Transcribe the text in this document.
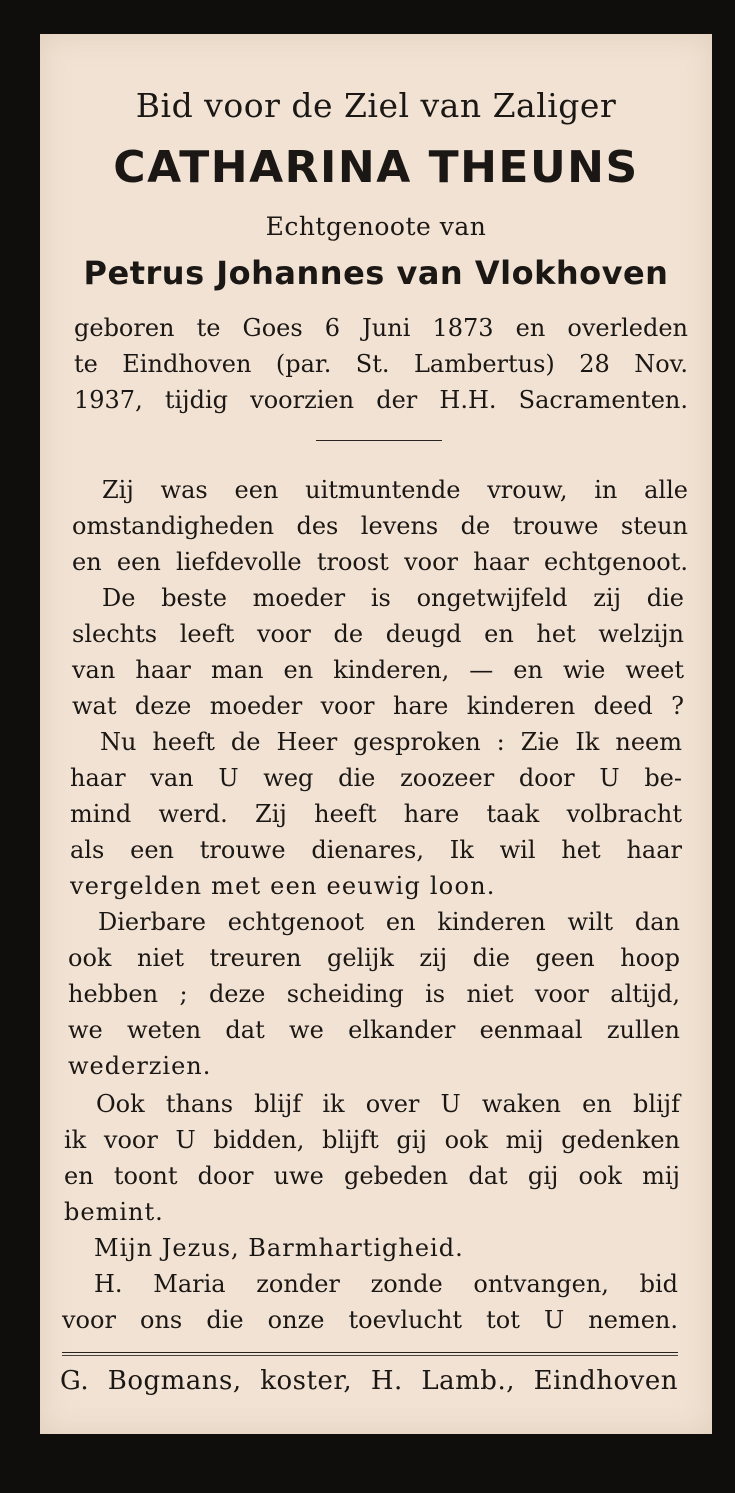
Bid voor de Ziel van Zaliger
CATHARINA THEUNS
Echtgenoote van
Petrus Johannes van Vlokhoven
geboren te Goes 6 Juni 1873 en overleden
te Eindhoven (par. St. Lambertus) 28 Nov.
1937, tijdig voorzien der H.H. Sacramenten.
Zij was een uitmuntende vrouw, in alle
omstandigheden des levens de trouwe steun
en een liefdevolle troost voor haar echtgenoot.
De beste moeder is ongetwijfeld zij die
slechts leeft voor de deugd en het welzijn
van haar man en kinderen, — en wie weet
wat deze moeder voor hare kinderen deed ?
Nu heeft de Heer gesproken : Zie Ik neem
haar van U weg die zoozeer door U be-
mind werd. Zij heeft hare taak volbracht
als een trouwe dienares, Ik wil het haar
vergelden met een eeuwig loon.
Dierbare echtgenoot en kinderen wilt dan
ook niet treuren gelijk zij die geen hoop
hebben ; deze scheiding is niet voor altijd,
we weten dat we elkander eenmaal zullen
wederzien.
Ook thans blijf ik over U waken en blijf
ik voor U bidden, blijft gij ook mij gedenken
en toont door uwe gebeden dat gij ook mij
bemint.
Mijn Jezus, Barmhartigheid.
H. Maria zonder zonde ontvangen, bid
voor ons die onze toevlucht tot U nemen.
G. Bogmans, koster, H. Lamb., Eindhoven
